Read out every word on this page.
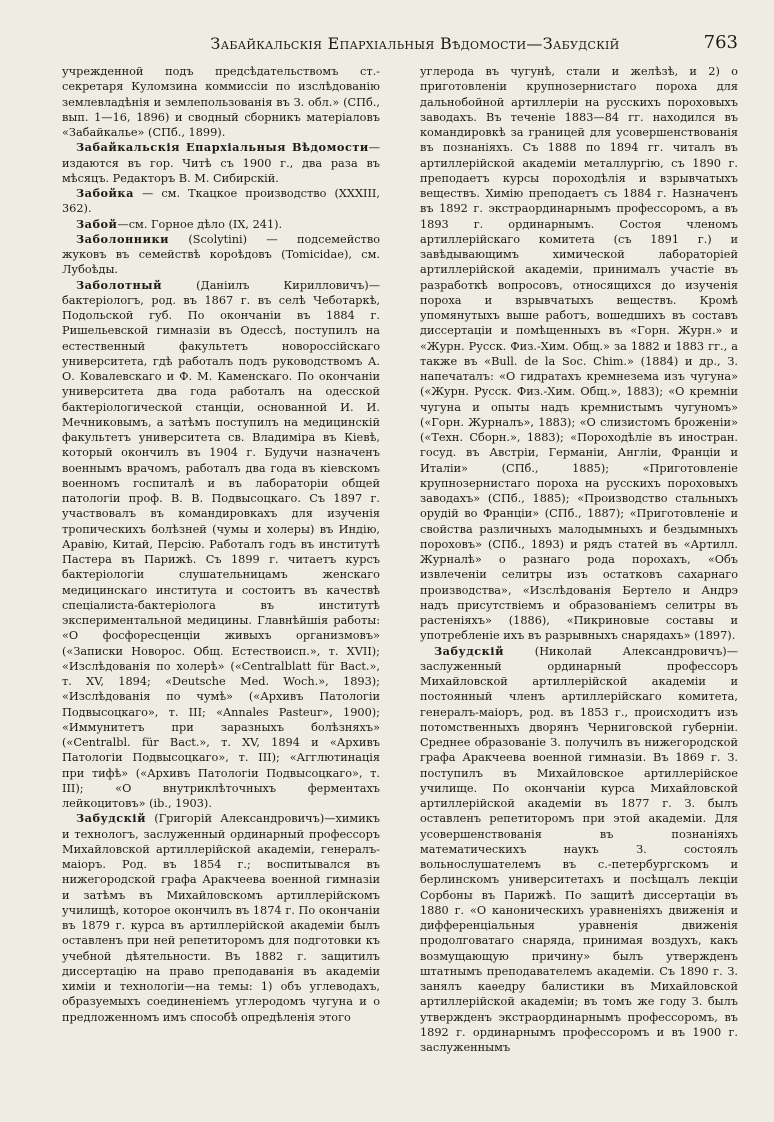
Забайкальскія Епархіальныя Вѣдомости—Забудскій	763

учрежденной подъ предсѣдательствомъ ст.-секретаря Куломзина коммиссіи по изслѣдованію землевладѣнія и землепользованія въ З. обл.» (СПб., вып. 1—16, 1896) и сводный сборникъ матеріаловъ «Забайкалье» (СПб., 1899).

Забайкальскія Епархіальныя Вѣдомости—издаются въ гор. Читѣ съ 1900 г., два раза въ мѣсяцъ. Редакторъ В. М. Сибирскій.

Забойка — см. Ткацкое производство (XXXIII, 362).

Забой—см. Горное дѣло (IX, 241).

Заболонники (Scolytini) — подсемейство жуковъ въ семействѣ короѣдовъ (Tomicidae), см. Лубоѣды.

Заболотный (Даніилъ Кирилловичъ)—бактеріологъ, род. въ 1867 г. въ селѣ Чеботаркѣ, Подольской губ. По окончаніи въ 1884 г. Ришельевской гимназіи въ Одессѣ, поступилъ на естественный факультетъ новороссійскаго университета, гдѣ работалъ подъ руководствомъ А. О. Ковалевскаго и Ф. М. Каменскаго. По окончаніи университета два года работалъ на одесской бактеріологической станціи, основанной И. И. Мечниковымъ, а затѣмъ поступилъ на медицинскій факультетъ университета св. Владиміра въ Кіевѣ, который окончилъ въ 1904 г. Будучи назначенъ военнымъ врачомъ, работалъ два года въ кіевскомъ военномъ госпиталѣ и въ лабораторіи общей патологіи проф. В. В. Подвысоцкаго. Съ 1897 г. участвовалъ въ командировкахъ для изученія тропическихъ болѣзней (чумы и холеры) въ Индію, Аравію, Китай, Персію. Работалъ годъ въ институтѣ Пастера въ Парижѣ. Съ 1899 г. читаетъ курсъ бактеріологіи слушательницамъ женскаго медицинскаго института и состоитъ въ качествѣ спеціалиста-бактеріолога въ институтѣ экспериментальной медицины. Главнѣйшія работы: «О фосфоресценціи живыхъ организмовъ» («Записки Новорос. Общ. Естествоисп.», т. XVII); «Изслѣдованія по холерѣ» («Centralblatt für Bact.», т. XV, 1894; «Deutsche Med. Woch.», 1893); «Изслѣдованія по чумѣ» («Архивъ Патологіи Подвысоцкаго», т. III; «Annales Pasteur», 1900); «Иммунитетъ при заразныхъ болѣзняхъ» («Centralbl. für Bact.», т. XV, 1894 и «Архивъ Патологіи Подвысоцкаго», т. III); «Агглютинація при тифѣ» («Архивъ Патологіи Подвысоцкаго», т. III); «О внутриклѣточныхъ ферментахъ лейкоцитовъ» (ib., 1903).

Забудскій (Григорій Александровичъ)—химикъ и технологъ, заслуженный ординарный профессоръ Михайловской артиллерійской академіи, генералъ-маіоръ. Род. въ 1854 г.; воспитывался въ нижегородской графа Аракчеева военной гимназіи и затѣмъ въ Михайловскомъ артиллерійскомъ училищѣ, которое окончилъ въ 1874 г. По окончаніи въ 1879 г. курса въ артиллерійской академіи былъ оставленъ при ней репетиторомъ для подготовки къ учебной дѣятельности. Въ 1882 г. защитилъ диссертацію на право преподаванія въ академіи химіи и технологіи—на темы: 1) объ углеводахъ, образуемыхъ соединеніемъ углеродомъ чугуна и о предложенномъ имъ способѣ опредѣленія этого

углерода въ чугунѣ, стали и желѣзѣ, и 2) о приготовленіи крупнозернистаго пороха для дальнобойной артиллеріи на русскихъ пороховыхъ заводахъ. Въ теченіе 1883—84 гг. находился въ командировкѣ за границей для усовершенствованія въ познаніяхъ. Съ 1888 по 1894 гг. читалъ въ артиллерійской академіи металлургію, съ 1890 г. преподаетъ курсы пороходѣлія и взрывчатыхъ веществъ. Химію преподаетъ съ 1884 г. Назначенъ въ 1892 г. экстраординарнымъ профессоромъ, а въ 1893 г. ординарнымъ. Состоя членомъ артиллерійскаго комитета (съ 1891 г.) и завѣдывающимъ химической лабораторіей артиллерійской академіи, принималъ участіе въ разработкѣ вопросовъ, относящихся до изученія пороха и взрывчатыхъ веществъ. Кромѣ упомянутыхъ выше работъ, вошедшихъ въ составъ диссертаціи и помѣщенныхъ въ «Горн. Журн.» и «Журн. Русск. Физ.-Хим. Общ.» за 1882 и 1883 гг., а также въ «Bull. de la Soc. Chim.» (1884) и др., З. напечаталъ: «О гидратахъ кремнезема изъ чугуна» («Журн. Русск. Физ.-Хим. Общ.», 1883); «О кремніи чугуна и опыты надъ кремнистымъ чугуномъ» («Горн. Журналъ», 1883); «О слизистомъ броженіи» («Техн. Сборн.», 1883); «Пороходѣліе въ иностран. госуд. въ Австріи, Германіи, Англіи, Франціи и Италіи» (СПб., 1885); «Приготовленіе крупнозернистаго пороха на русскихъ пороховыхъ заводахъ» (СПб., 1885); «Производство стальныхъ орудій во Франціи» (СПб., 1887); «Приготовленіе и свойства различныхъ малодымныхъ и бездымныхъ пороховъ» (СПб., 1893) и рядъ статей въ «Артилл. Журналѣ» о разнаго рода порохахъ, «Объ извлеченіи селитры изъ остатковъ сахарнаго производства», «Изслѣдованія Бертело и Андрэ надъ присутствіемъ и образованіемъ селитры въ растеніяхъ» (1886), «Пикриновые составы и употребленіе ихъ въ разрывныхъ снарядахъ» (1897).

Забудскій (Николай Александровичъ)—заслуженный ординарный профессоръ Михайловской артиллерійской академіи и постоянный членъ артиллерійскаго комитета, генералъ-маіоръ, род. въ 1853 г., происходитъ изъ потомственныхъ дворянъ Черниговской губерніи. Среднее образованіе З. получилъ въ нижегородской графа Аракчеева военной гимназіи. Въ 1869 г. З. поступилъ въ Михайловское артиллерійское училище. По окончаніи курса Михайловской артиллерійской академіи въ 1877 г. З. былъ оставленъ репетиторомъ при этой академіи. Для усовершенствованія въ познаніяхъ математическихъ наукъ З. состоялъ вольнослушателемъ въ с.-петербургскомъ и берлинскомъ университетахъ и посѣщалъ лекціи Сорбоны въ Парижѣ. По защитѣ диссертаціи въ 1880 г. «О каноническихъ уравненіяхъ движенія и дифференціальныя уравненія движенія продолговатаго снаряда, принимая воздухъ, какъ возмущающую причину» былъ утвержденъ штатнымъ преподавателемъ академіи. Съ 1890 г. З. занялъ каѳедру балистики въ Михайловской артиллерійской академіи; въ томъ же году З. былъ утвержденъ экстраординарнымъ профессоромъ, въ 1892 г. ординарнымъ профессоромъ и въ 1900 г. заслуженнымъ
